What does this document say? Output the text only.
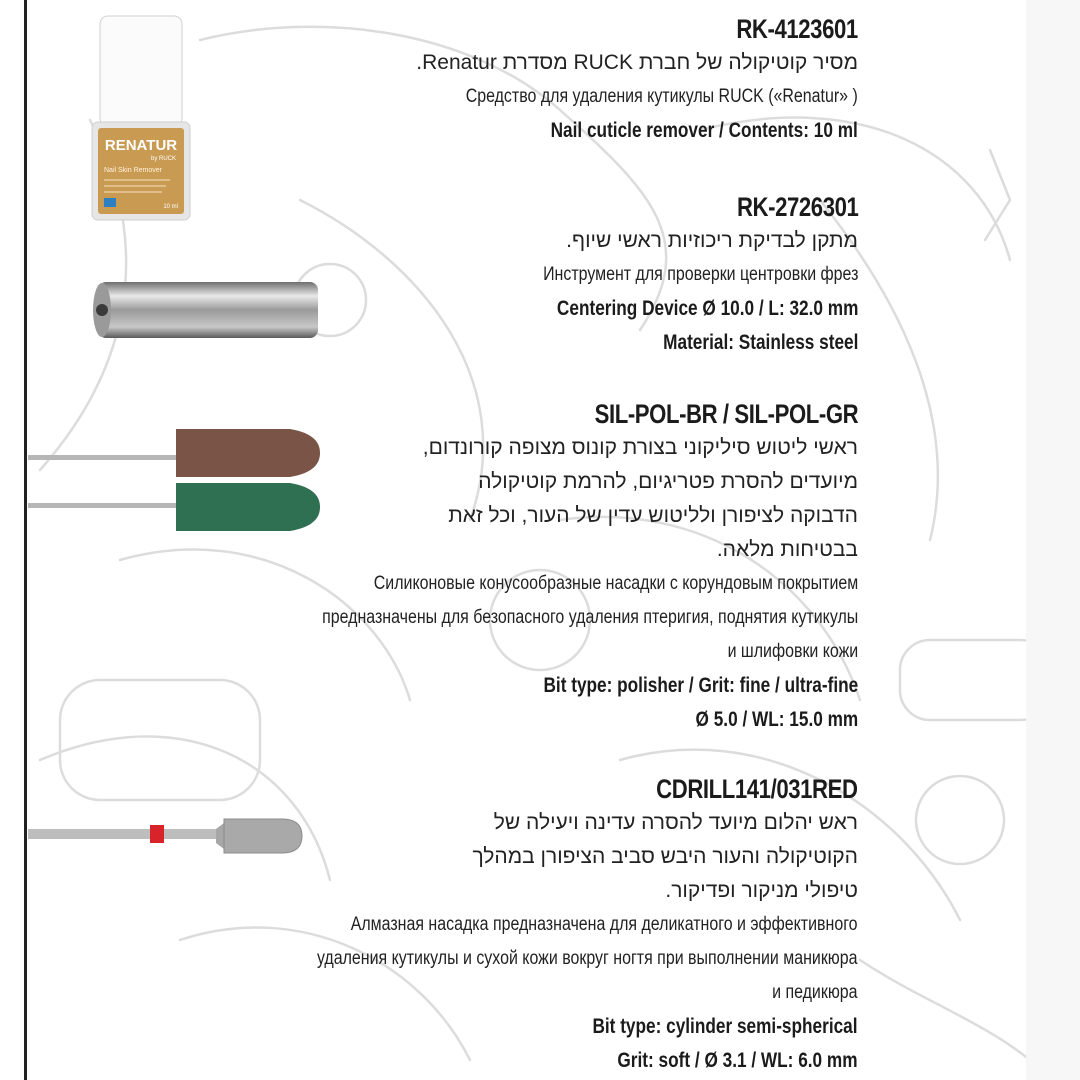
RENATUR
by RUCK
Nail Skin Remover
10 ml
RK-4123601
מסיר קוטיקולה של חברת RUCK מסדרת Renatur.
Средство для удаления кутикулы RUCK («Renatur» )
Nail cuticle remover / Contents: 10 ml
RK-2726301
מתקן לבדיקת ריכוזיות ראשי שיוף.
Инструмент для проверки центровки фрез
Centering Device Ø 10.0 / L: 32.0 mm
Material: Stainless steel
SIL-POL-BR / SIL-POL-GR
ראשי ליטוש סיליקוני בצורת קונוס מצופה קורונדום,
מיועדים להסרת פטריגיום, להרמת קוטיקולה
הדבוקה לציפורן ולליטוש עדין של העור, וכל זאת
בבטיחות מלאה.
Силиконовые конусообразные насадки с корундовым покрытием
предназначены для безопасного удаления птеригия, поднятия кутикулы
и шлифовки кожи
Bit type: polisher / Grit: fine / ultra-fine
Ø 5.0 / WL: 15.0 mm
CDRILL141/031RED
ראש יהלום מיועד להסרה עדינה ויעילה של
הקוטיקולה והעור היבש סביב הציפורן במהלך
טיפולי מניקור ופדיקור.
Алмазная насадка предназначена для деликатного и эффективного
удаления кутикулы и сухой кожи вокруг ногтя при выполнении маникюра
и педикюра
Bit type: cylinder semi-spherical
Grit: soft / Ø 3.1 / WL: 6.0 mm
